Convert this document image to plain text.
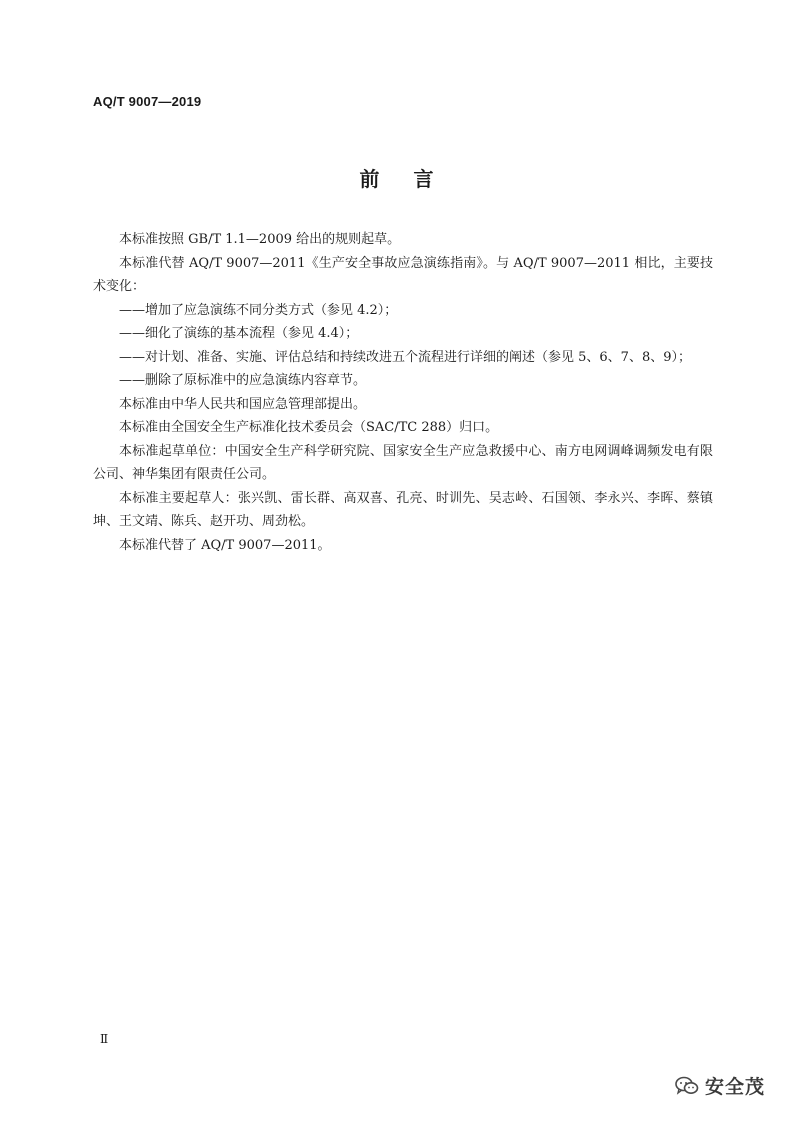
AQ/T 9007—2019
前言

本标准按照 GB/T 1.1—2009 给出的规则起草。

本标准代替 AQ/T 9007—2011《生产安全事故应急演练指南》。与 AQ/T 9007—2011 相比，主要技术变化：

——增加了应急演练不同分类方式（参见 4.2）；

——细化了演练的基本流程（参见 4.4）；

——对计划、准备、实施、评估总结和持续改进五个流程进行详细的阐述（参见 5、6、7、8、9）；

——删除了原标准中的应急演练内容章节。

本标准由中华人民共和国应急管理部提出。

本标准由全国安全生产标准化技术委员会（SAC/TC 288）归口。

本标准起草单位：中国安全生产科学研究院、国家安全生产应急救援中心、南方电网调峰调频发电有限公司、神华集团有限责任公司。

本标准主要起草人：张兴凯、雷长群、高双喜、孔亮、时训先、吴志岭、石国领、李永兴、李晖、蔡镇坤、王文靖、陈兵、赵开功、周劲松。

本标准代替了 AQ/T 9007—2011。

Ⅱ
安全茂
